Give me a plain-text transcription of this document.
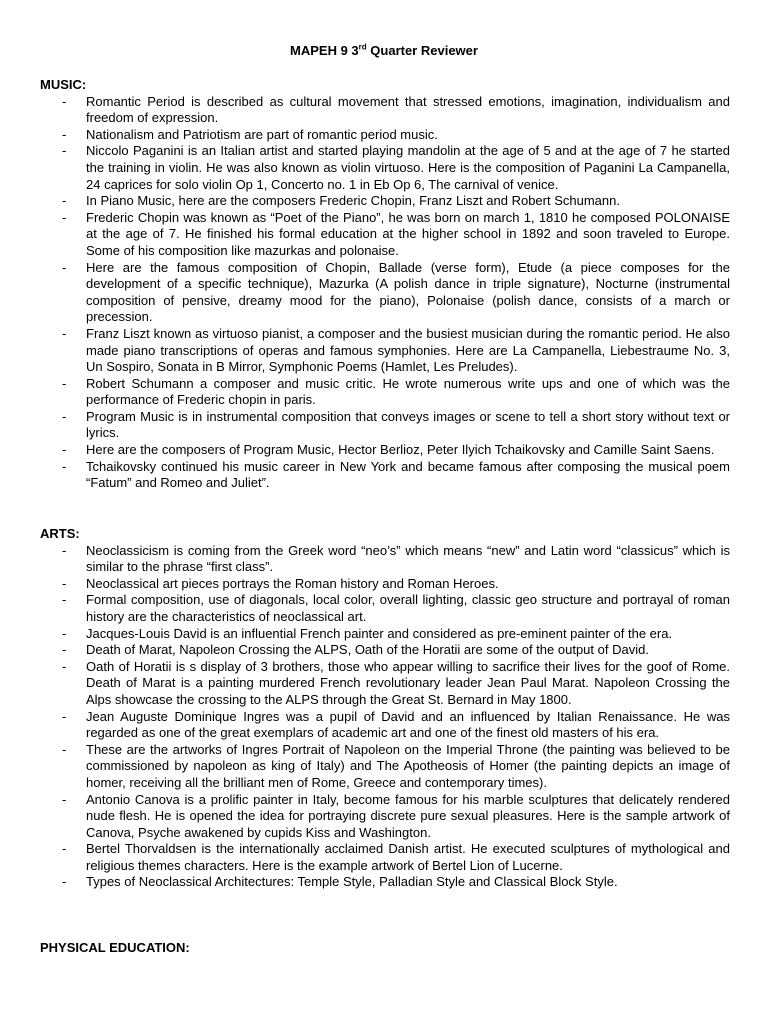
MAPEH 9 3rd Quarter Reviewer
MUSIC:
- Romantic Period is described as cultural movement that stressed emotions, imagination, individualism and freedom of expression.
- Nationalism and Patriotism are part of romantic period music.
- Niccolo Paganini is an Italian artist and started playing mandolin at the age of 5 and at the age of 7 he started the training in violin. He was also known as violin virtuoso. Here is the composition of Paganini La Campanella, 24 caprices for solo violin Op 1, Concerto no. 1 in Eb Op 6, The carnival of venice.
- In Piano Music, here are the composers Frederic Chopin, Franz Liszt and Robert Schumann.
- Frederic Chopin was known as “Poet of the Piano”, he was born on march 1, 1810 he composed POLONAISE at the age of 7. He finished his formal education at the higher school in 1892 and soon traveled to Europe. Some of his composition like mazurkas and polonaise.
- Here are the famous composition of Chopin, Ballade (verse form), Etude (a piece composes for the development of a specific technique), Mazurka (A polish dance in triple signature), Nocturne (instrumental composition of pensive, dreamy mood for the piano), Polonaise (polish dance, consists of a march or precession.
- Franz Liszt known as virtuoso pianist, a composer and the busiest musician during the romantic period. He also made piano transcriptions of operas and famous symphonies. Here are La Campanella, Liebestraume No. 3, Un Sospiro, Sonata in B Mirror, Symphonic Poems (Hamlet, Les Preludes).
- Robert Schumann a composer and music critic. He wrote numerous write ups and one of which was the performance of Frederic chopin in paris.
- Program Music is in instrumental composition that conveys images or scene to tell a short story without text or lyrics.
- Here are the composers of Program Music, Hector Berlioz, Peter Ilyich Tchaikovsky and Camille Saint Saens.
- Tchaikovsky continued his music career in New York and became famous after composing the musical poem “Fatum” and Romeo and Juliet”.
ARTS:
- Neoclassicism is coming from the Greek word “neo’s” which means “new” and Latin word “classicus” which is similar to the phrase “first class”.
- Neoclassical art pieces portrays the Roman history and Roman Heroes.
- Formal composition, use of diagonals, local color, overall lighting, classic geo structure and portrayal of roman history are the characteristics of neoclassical art.
- Jacques-Louis David is an influential French painter and considered as pre-eminent painter of the era.
- Death of Marat, Napoleon Crossing the ALPS, Oath of the Horatii are some of the output of David.
- Oath of Horatii is s display of 3 brothers, those who appear willing to sacrifice their lives for the goof of Rome. Death of Marat is a painting murdered French revolutionary leader Jean Paul Marat. Napoleon Crossing the Alps showcase the crossing to the ALPS through the Great St. Bernard in May 1800.
- Jean Auguste Dominique Ingres was a pupil of David and an influenced by Italian Renaissance. He was regarded as one of the great exemplars of academic art and one of the finest old masters of his era.
- These are the artworks of Ingres Portrait of Napoleon on the Imperial Throne (the painting was believed to be commissioned by napoleon as king of Italy) and The Apotheosis of Homer (the painting depicts an image of homer, receiving all the brilliant men of Rome, Greece and contemporary times).
- Antonio Canova is a prolific painter in Italy, become famous for his marble sculptures that delicately rendered nude flesh. He is opened the idea for portraying discrete pure sexual pleasures. Here is the sample artwork of Canova, Psyche awakened by cupids Kiss and Washington.
- Bertel Thorvaldsen is the internationally acclaimed Danish artist. He executed sculptures of mythological and religious themes characters. Here is the example artwork of Bertel Lion of Lucerne.
- Types of Neoclassical Architectures: Temple Style, Palladian Style and Classical Block Style.
PHYSICAL EDUCATION:
